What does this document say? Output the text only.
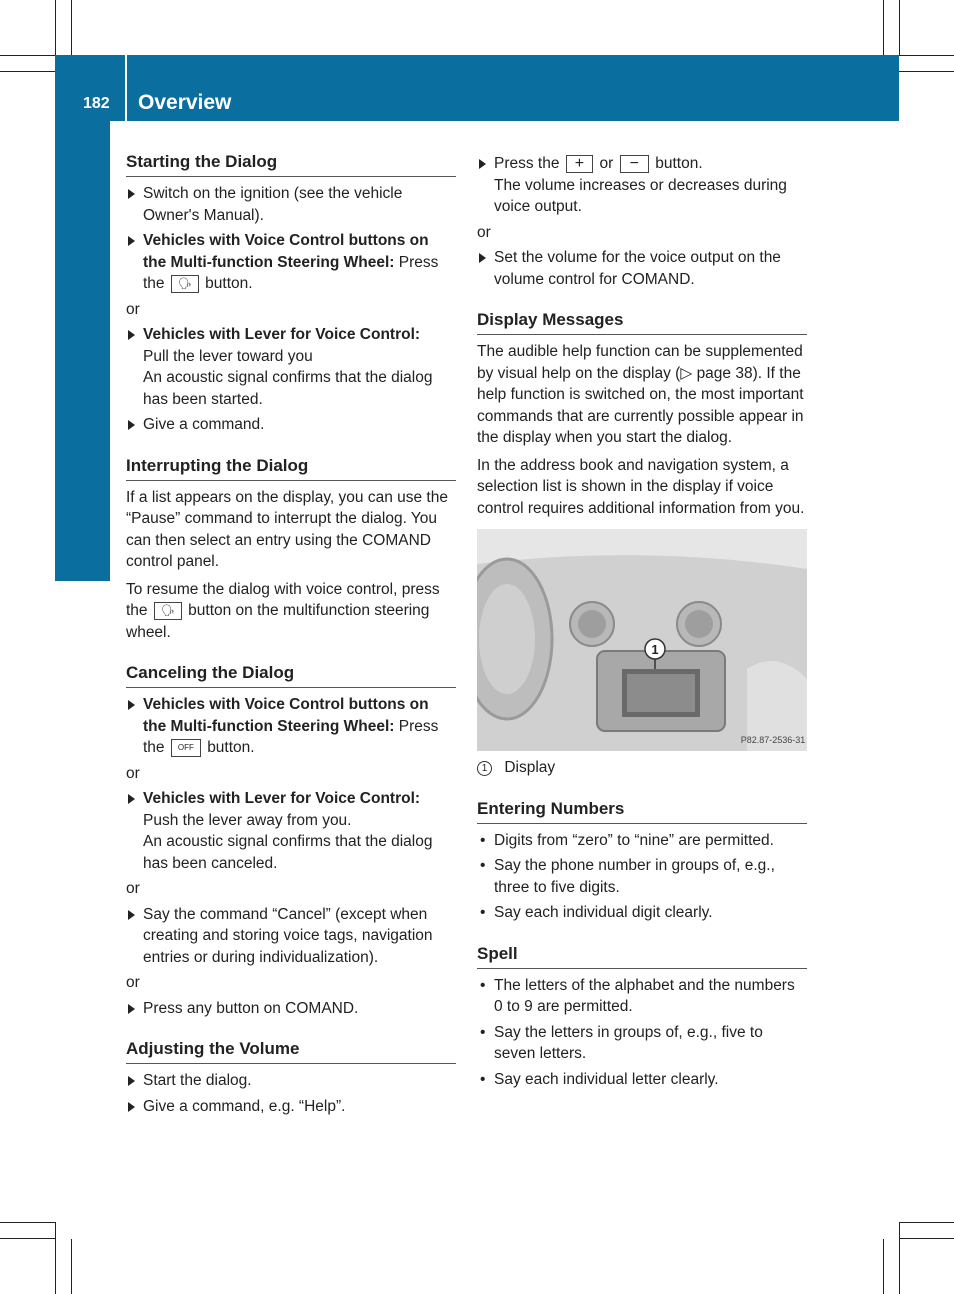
182 Overview
Voice Control
Starting the Dialog
Switch on the ignition (see the vehicle Owner's Manual).
Vehicles with Voice Control buttons on the Multi-function Steering Wheel: Press the 🗣 button.
or
Vehicles with Lever for Voice Control:
Pull the lever toward you
An acoustic signal confirms that the dialog has been started.
Give a command.
Interrupting the Dialog
If a list appears on the display, you can use the “Pause” command to interrupt the dialog. You can then select an entry using the COMAND control panel.
To resume the dialog with voice control, press the 🗣 button on the multifunction steering wheel.
Canceling the Dialog
Vehicles with Voice Control buttons on the Multi-function Steering Wheel: Press the OFF button.
or
Vehicles with Lever for Voice Control:
Push the lever away from you.
An acoustic signal confirms that the dialog has been canceled.
or
Say the command “Cancel” (except when creating and storing voice tags, navigation entries or during individualization).
or
Press any button on COMAND.
Adjusting the Volume
Start the dialog.
Give a command, e.g. “Help”.
Press the + or − button.
The volume increases or decreases during voice output.
or
Set the volume for the voice output on the volume control for COMAND.
Display Messages
The audible help function can be supplemented by visual help on the display (▷ page 38). If the help function is switched on, the most important commands that are currently possible appear in the display when you start the dialog.
In the address book and navigation system, a selection list is shown in the display if voice control requires additional information from you.
1
P82.87-2536-31
1 Display
Entering Numbers
• Digits from “zero” to “nine” are permitted.
• Say the phone number in groups of, e.g., three to five digits.
• Say each individual digit clearly.
Spell
• The letters of the alphabet and the numbers 0 to 9 are permitted.
• Say the letters in groups of, e.g., five to seven letters.
• Say each individual letter clearly.
